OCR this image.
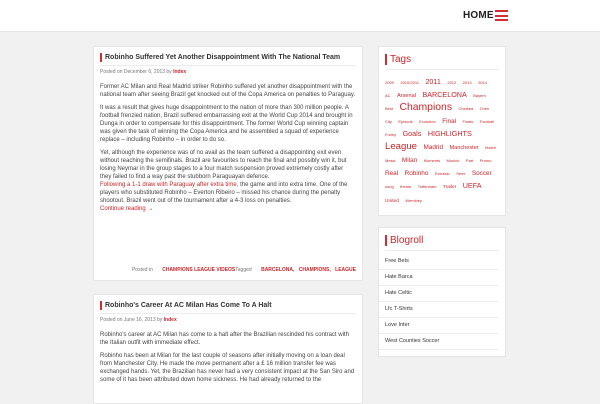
HOME
Robinho Suffered Yet Another Disappointment With The National Team
Posted on December 6, 2013 by Index

Former AC Milan and Real Madrid striker Robinho suffered yet another disappointment with the national team after seeing Brazil get knocked out of the Copa America on penalties to Paraguay.

It was a result that gives huge disappointment to the nation of more than 300 million people. A football frenzied nation, Brazil suffered embarrassing exit at the World Cup 2014 and brought in Dunga in order to compensate for this disappointment. The former World Cup winning captain was given the task of winning the Copa America and he assembled a squad of experience replace – including Robinho – in order to do so.

Yet, although the experience was of no avail as the team suffered a disappointing exit even without reaching the semifinals. Brazil are favourites to reach the final and possibly win it, but losing Neymar in the group stages to a four match suspension proved extremely costly after they failed to find a way past the stubborn Paraguayan defence.
Following a 1-1 draw with Paraguay after extra time, the game and into extra time. One of the players who substituted Robinho – Everton Ribeiro – missed his chance during the penalty shootout. Brazil went out of the tournament after a 4-3 loss on penalties.
Continue reading →

Posted in CHAMPIONS LEAGUE VIDEOSTagged BARCELONA, CHAMPIONS, LEAGUE
Robinho's Career At AC Milan Has Come To A Halt
Posted on June 16, 2013 by Index

Robinho's career at AC Milan has come to a halt after the Brazilian rescinded his contract with the Italian outfit with immediate effect.

Robinho has been at Milan for the last couple of seasons after initially moving on a loan deal from Manchester City. He made the move permanent after a £ 16 million transfer fee was exchanged hands. Yet, the Brazilian has never had a very consistent impact at the San Siro and some of it has been attributed down home sickness. He had already returned to the

Tags
2009 2010/2011 2011 2012 2013 2014 AC Arsenal BARCELONA Bayern Best Champions Chelsea Chen City Episode Evolution Final Finals Football Funny Goals HIGHLIGHTS League Madrid Manchester Match Messi Milan Moments Munich Part Promo Real Robinho Ronaldo Semi Soccer song theme Tottenham Trailer UEFA United Wembley
Blogroll
Free Bets
Hate Barca
Hate Celtic
Lfc T-Shirts
Love Inter
West Counties Soccer
